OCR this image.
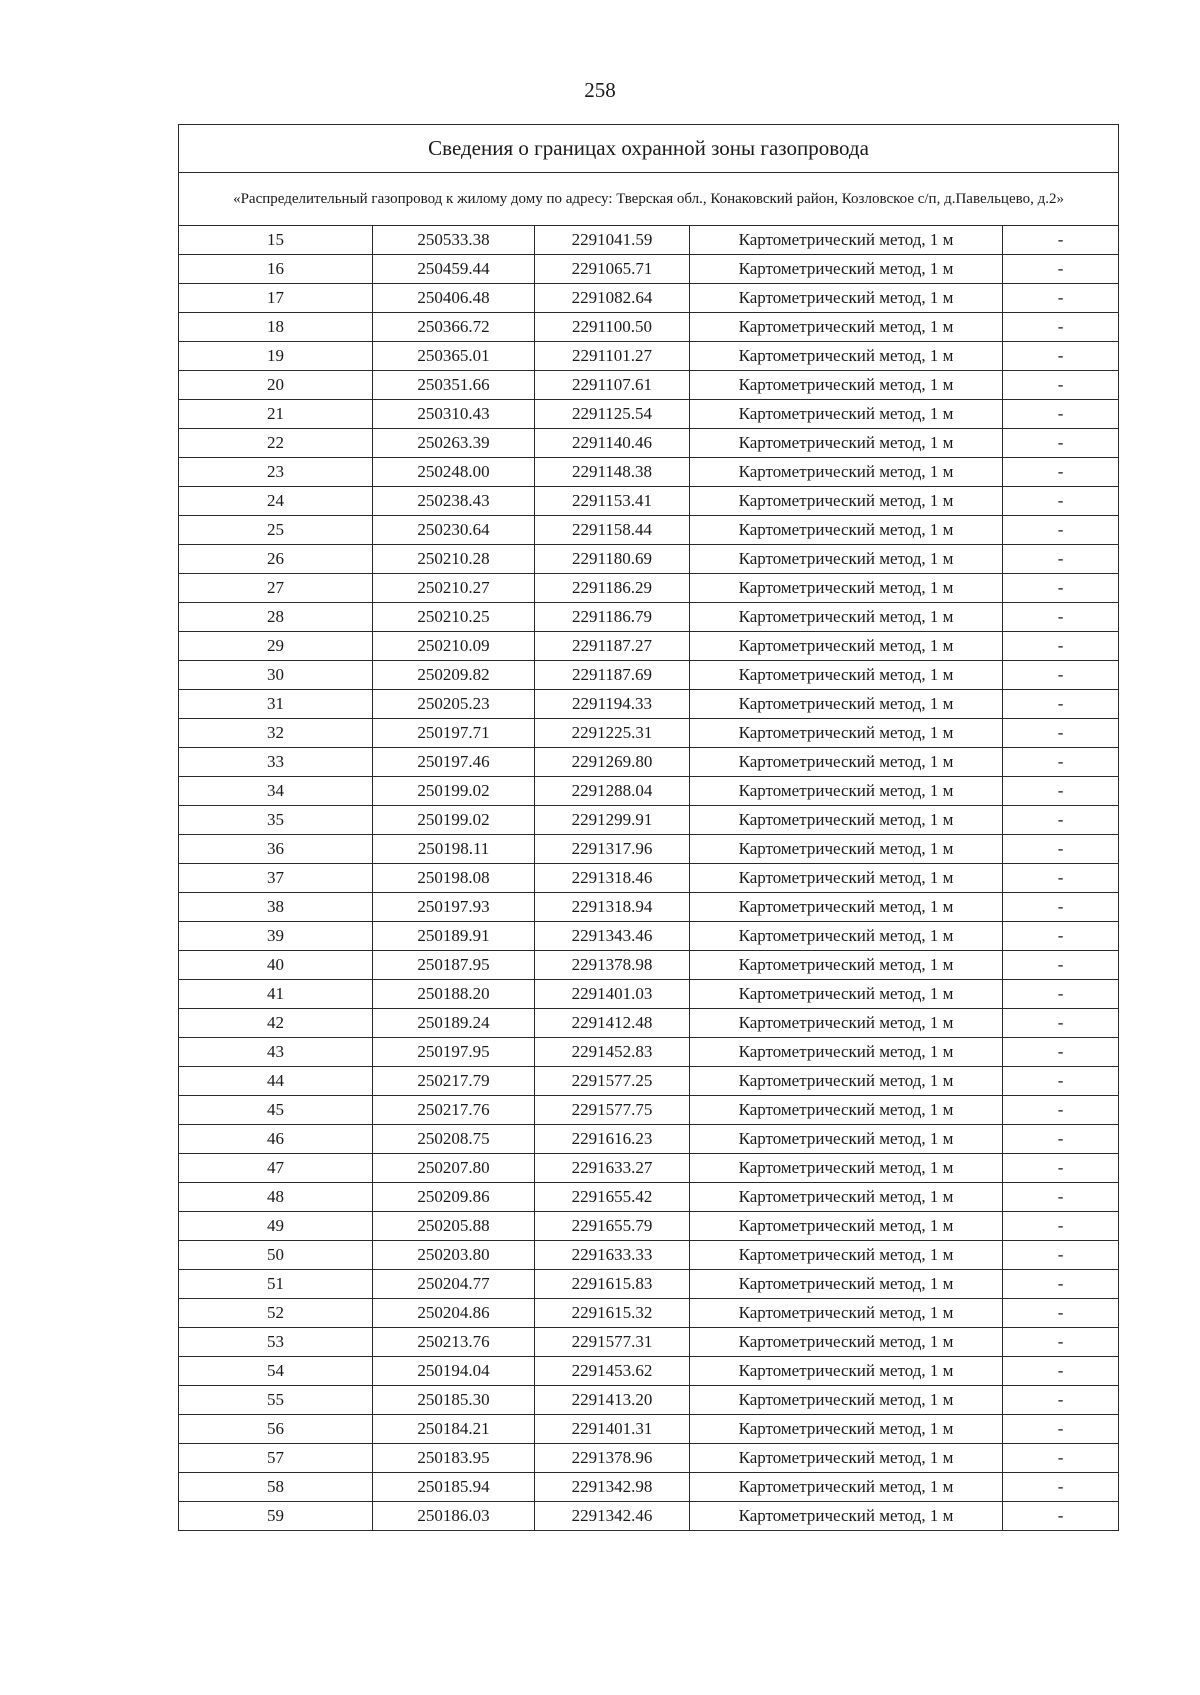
258
Сведения о границах охранной зоны газопровода				
«Распределительный газопровод к жилому дому по адресу: Тверская обл., Конаковский район, Козловское с/п, д.Павельцево, д.2»				
15	250533.38	2291041.59	Картометрический метод, 1 м	-
16	250459.44	2291065.71	Картометрический метод, 1 м	-
17	250406.48	2291082.64	Картометрический метод, 1 м	-
18	250366.72	2291100.50	Картометрический метод, 1 м	-
19	250365.01	2291101.27	Картометрический метод, 1 м	-
20	250351.66	2291107.61	Картометрический метод, 1 м	-
21	250310.43	2291125.54	Картометрический метод, 1 м	-
22	250263.39	2291140.46	Картометрический метод, 1 м	-
23	250248.00	2291148.38	Картометрический метод, 1 м	-
24	250238.43	2291153.41	Картометрический метод, 1 м	-
25	250230.64	2291158.44	Картометрический метод, 1 м	-
26	250210.28	2291180.69	Картометрический метод, 1 м	-
27	250210.27	2291186.29	Картометрический метод, 1 м	-
28	250210.25	2291186.79	Картометрический метод, 1 м	-
29	250210.09	2291187.27	Картометрический метод, 1 м	-
30	250209.82	2291187.69	Картометрический метод, 1 м	-
31	250205.23	2291194.33	Картометрический метод, 1 м	-
32	250197.71	2291225.31	Картометрический метод, 1 м	-
33	250197.46	2291269.80	Картометрический метод, 1 м	-
34	250199.02	2291288.04	Картометрический метод, 1 м	-
35	250199.02	2291299.91	Картометрический метод, 1 м	-
36	250198.11	2291317.96	Картометрический метод, 1 м	-
37	250198.08	2291318.46	Картометрический метод, 1 м	-
38	250197.93	2291318.94	Картометрический метод, 1 м	-
39	250189.91	2291343.46	Картометрический метод, 1 м	-
40	250187.95	2291378.98	Картометрический метод, 1 м	-
41	250188.20	2291401.03	Картометрический метод, 1 м	-
42	250189.24	2291412.48	Картометрический метод, 1 м	-
43	250197.95	2291452.83	Картометрический метод, 1 м	-
44	250217.79	2291577.25	Картометрический метод, 1 м	-
45	250217.76	2291577.75	Картометрический метод, 1 м	-
46	250208.75	2291616.23	Картометрический метод, 1 м	-
47	250207.80	2291633.27	Картометрический метод, 1 м	-
48	250209.86	2291655.42	Картометрический метод, 1 м	-
49	250205.88	2291655.79	Картометрический метод, 1 м	-
50	250203.80	2291633.33	Картометрический метод, 1 м	-
51	250204.77	2291615.83	Картометрический метод, 1 м	-
52	250204.86	2291615.32	Картометрический метод, 1 м	-
53	250213.76	2291577.31	Картометрический метод, 1 м	-
54	250194.04	2291453.62	Картометрический метод, 1 м	-
55	250185.30	2291413.20	Картометрический метод, 1 м	-
56	250184.21	2291401.31	Картометрический метод, 1 м	-
57	250183.95	2291378.96	Картометрический метод, 1 м	-
58	250185.94	2291342.98	Картометрический метод, 1 м	-
59	250186.03	2291342.46	Картометрический метод, 1 м	-
